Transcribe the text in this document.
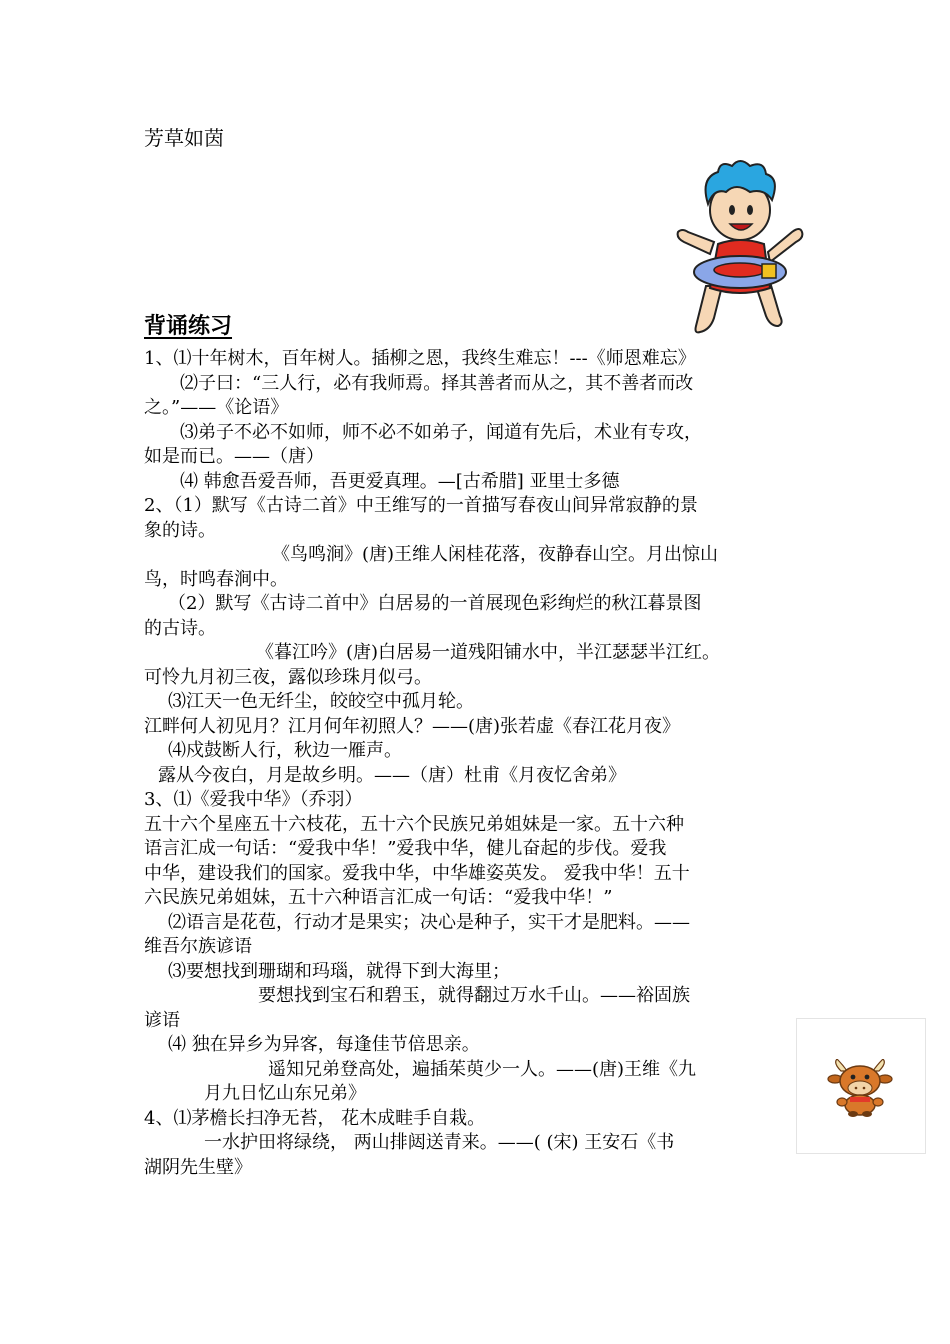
芳草如茵
背诵练习
1、⑴十年树木，百年树人。插柳之恩，我终生难忘！---《师恩难忘》
⑵子曰：“三人行，必有我师焉。择其善者而从之，其不善者而改
之。”——《论语》
⑶弟子不必不如师，师不必不如弟子，闻道有先后，术业有专攻，
如是而已。——（唐）
⑷ 韩愈吾爱吾师，吾更爱真理。—[古希腊] 亚里士多德
2、（1）默写《古诗二首》中王维写的一首描写春夜山间异常寂静的景
象的诗。
《鸟鸣涧》(唐)王维人闲桂花落，夜静春山空。月出惊山
鸟，时鸣春涧中。
（2）默写《古诗二首中》白居易的一首展现色彩绚烂的秋江暮景图
的古诗。
《暮江吟》(唐)白居易一道残阳铺水中，半江瑟瑟半江红。
可怜九月初三夜，露似珍珠月似弓。
⑶江天一色无纤尘，皎皎空中孤月轮。
江畔何人初见月？江月何年初照人？——(唐)张若虚《春江花月夜》
⑷戍鼓断人行，秋边一雁声。
露从今夜白，月是故乡明。——（唐）杜甫《月夜忆舍弟》
3、⑴《爱我中华》（乔羽）
五十六个星座五十六枝花，五十六个民族兄弟姐妹是一家。五十六种
语言汇成一句话：“爱我中华！”爱我中华，健儿奋起的步伐。爱我
中华，建设我们的国家。爱我中华，中华雄姿英发。 爱我中华！五十
六民族兄弟姐妹，五十六种语言汇成一句话：“爱我中华！”
⑵语言是花苞，行动才是果实；决心是种子，实干才是肥料。——
维吾尔族谚语
⑶要想找到珊瑚和玛瑙，就得下到大海里；
要想找到宝石和碧玉，就得翻过万水千山。——裕固族
谚语
⑷ 独在异乡为异客，每逢佳节倍思亲。
遥知兄弟登高处，遍插茱萸少一人。——(唐)王维《九
月九日忆山东兄弟》
4、⑴茅檐长扫净无苔， 花木成畦手自栽。
一水护田将绿绕， 两山排闼送青来。——( (宋) 王安石《书
湖阴先生壁》
